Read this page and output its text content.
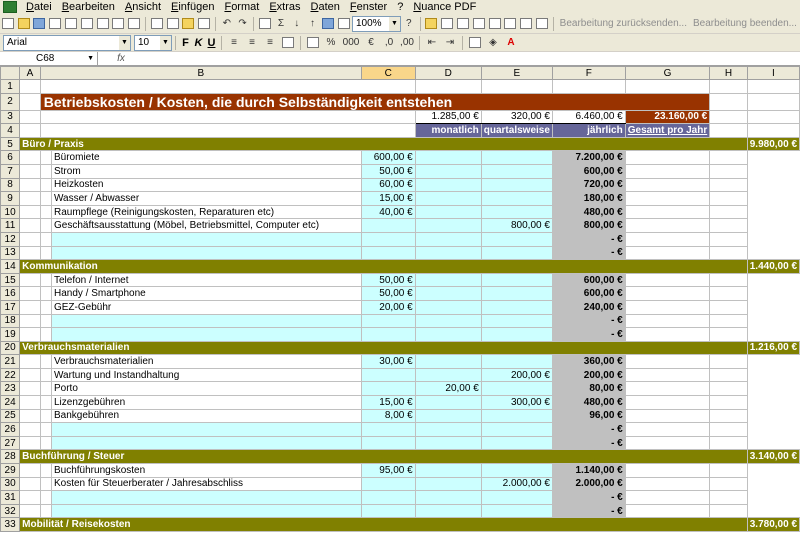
Datei Bearbeiten Ansicht Einfügen Format Extras Daten Fenster ? Nuance PDF
↶ ↷	Σ	↓	↑	100% ▼ ?	Bearbeitung zurücksenden... Bearbeitung beenden...
Arial	▼ 10 ▼ F K U	≡	≡	≡	% 000 €	,0 ,00	⇤ ⇥	◈	A
C68	▼	fx
	A	B		C	D	E	F	G	H	I
1										
2		Betriebskosten / Kosten, die durch Selbständigkeit entstehen								
3					1.285,00 €	320,00 €	6.460,00 €	23.160,00 €		
4					monatlich	quartalsweise	jährlich	Gesamt pro Jahr		
5	Büro / Praxis									9.980,00 €
6			Büromiete	600,00 €			7.200,00 €			
7			Strom	50,00 €			600,00 €			
8			Heizkosten	60,00 €			720,00 €			
9			Wasser / Abwasser	15,00 €			180,00 €			
10			Raumpflege (Reinigungskosten, Reparaturen etc)	40,00 €			480,00 €			
11			Geschäftsausstattung (Möbel, Betriebsmittel, Computer etc)			800,00 €	800,00 €			
12							- €			
13							- €			
14	Kommunikation									1.440,00 €
15			Telefon / Internet	50,00 €			600,00 €			
16			Handy / Smartphone	50,00 €			600,00 €			
17			GEZ-Gebühr	20,00 €			240,00 €			
18							- €			
19							- €			
20	Verbrauchsmaterialien									1.216,00 €
21			Verbrauchsmaterialien	30,00 €			360,00 €			
22			Wartung und Instandhaltung			200,00 €	200,00 €			
23			Porto		20,00 €		80,00 €			
24			Lizenzgebühren	15,00 €		300,00 €	480,00 €			
25			Bankgebühren	8,00 €			96,00 €			
26							- €			
27							- €			
28	Buchführung / Steuer									3.140,00 €
29			Buchführungskosten	95,00 €			1.140,00 €			
30			Kosten für Steuerberater / Jahresabschliss			2.000,00 €	2.000,00 €			
31							- €			
32							- €			
33	Mobilität / Reisekosten									3.780,00 €
